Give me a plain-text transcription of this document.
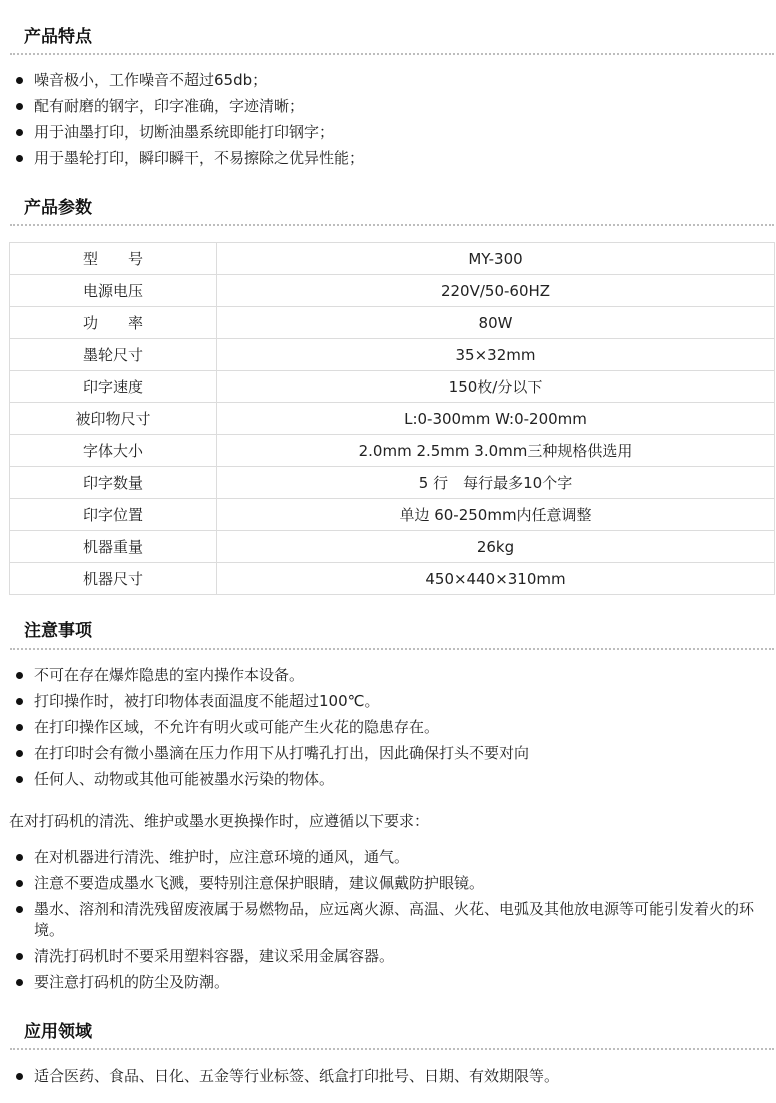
产品特点
噪音极小，工作噪音不超过65db；
配有耐磨的钢字，印字准确，字迹清晰；
用于油墨打印，切断油墨系统即能打印钢字；
用于墨轮打印，瞬印瞬干，不易擦除之优异性能；
产品参数
型　　号	MY-300
电源电压	220V/50-60HZ
功　　率	80W
墨轮尺寸	35×32mm
印字速度	150枚/分以下
被印物尺寸	L:0-300mm W:0-200mm
字体大小	2.0mm 2.5mm 3.0mm三种规格供选用
印字数量	5 行　每行最多10个字
印字位置	单边 60-250mm内任意调整
机器重量	26kg
机器尺寸	450×440×310mm
注意事项
不可在存在爆炸隐患的室内操作本设备。
打印操作时，被打印物体表面温度不能超过100℃。
在打印操作区域，不允许有明火或可能产生火花的隐患存在。
在打印时会有微小墨滴在压力作用下从打嘴孔打出，因此确保打头不要对向
任何人、动物或其他可能被墨水污染的物体。

在对打码机的清洗、维护或墨水更换操作时，应遵循以下要求：

在对机器进行清洗、维护时，应注意环境的通风，通气。
注意不要造成墨水飞溅，要特别注意保护眼睛，建议佩戴防护眼镜。
墨水、溶剂和清洗残留废液属于易燃物品，应远离火源、高温、火花、电弧及其他放电源等可能引发着火的环境。
清洗打码机时不要采用塑料容器，建议采用金属容器。
要注意打码机的防尘及防潮。
应用领域
适合医药、食品、日化、五金等行业标签、纸盒打印批号、日期、有效期限等。
